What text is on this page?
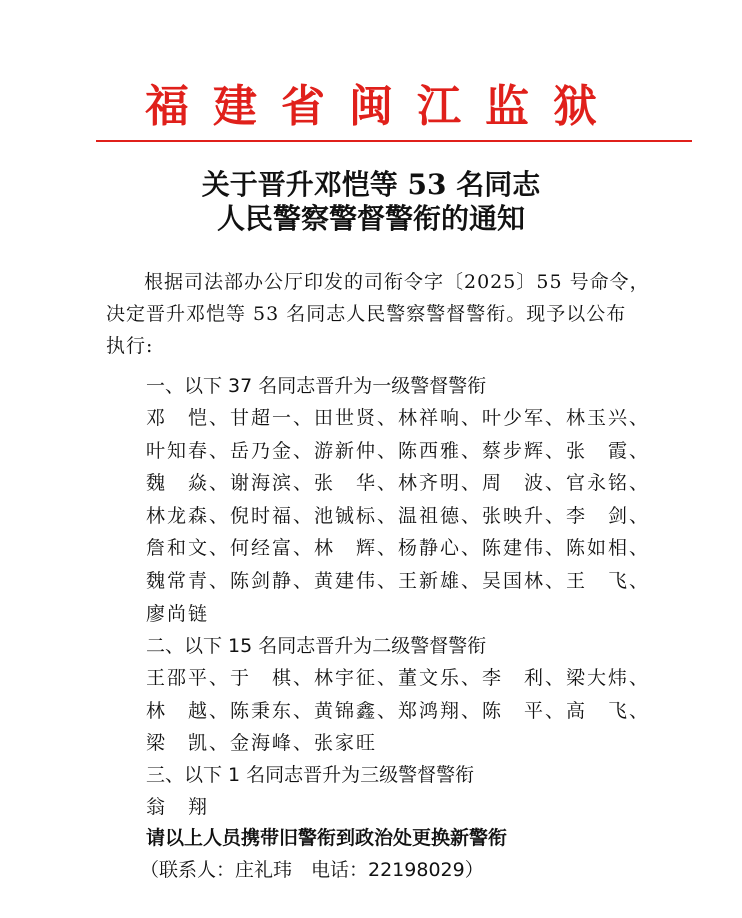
福建省闽江监狱
关于晋升邓恺等 53 名同志
人民警察警督警衔的通知

根据司法部办公厅印发的司衔令字〔2025〕55 号命令，

决定晋升邓恺等 53 名同志人民警察警督警衔。现予以公布

执行:

一、以下 37 名同志晋升为一级警督警衔

邓　恺、甘超一、田世贤、林祥响、叶少军、林玉兴、
叶知春、岳乃金、游新仲、陈西雅、蔡步辉、张　霞、
魏　焱、谢海滨、张　华、林齐明、周　波、官永铭、
林龙森、倪时福、池铖标、温祖德、张映升、李　剑、
詹和文、何经富、林　辉、杨静心、陈建伟、陈如相、
魏常青、陈剑静、黄建伟、王新雄、吴国林、王　飞、
廖尚链

二、以下 15 名同志晋升为二级警督警衔

王邵平、于　棋、林宇征、董文乐、李　利、梁大炜、
林　越、陈秉东、黄锦鑫、郑鸿翔、陈　平、高　飞、
梁　凯、金海峰、张家旺

三、以下 1 名同志晋升为三级警督警衔

翁　翔

请以上人员携带旧警衔到政治处更换新警衔

（联系人：庄礼玮　电话：22198029）
